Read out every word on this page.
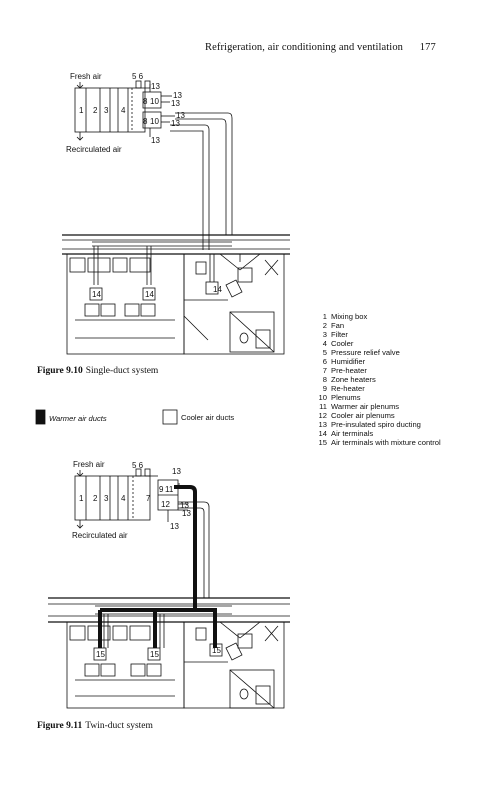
Refrigeration, air conditioning and ventilation 177
Fresh air
Recirculated air
1 2 3 4
5 6
8
8
10
10
13
13
13
13
13
13
14	14
14
Fresh air
Recirculated air
1 2 3 4	7
5 6
9 11
12
13
13
13
13
15	15	15
Warmer air ducts	Cooler air ducts
Figure 9.10 Single-duct system
Figure 9.11 Twin-duct system
1 Mixing box
2 Fan
3 Filter
4 Cooler
5 Pressure relief valve
6 Humidifier
7 Pre-heater
8 Zone heaters
9 Re-heater
10 Plenums
11 Warmer air plenums
12 Cooler air plenums
13 Pre-insulated spiro ducting
14 Air terminals
15 Air terminals with mixture control
